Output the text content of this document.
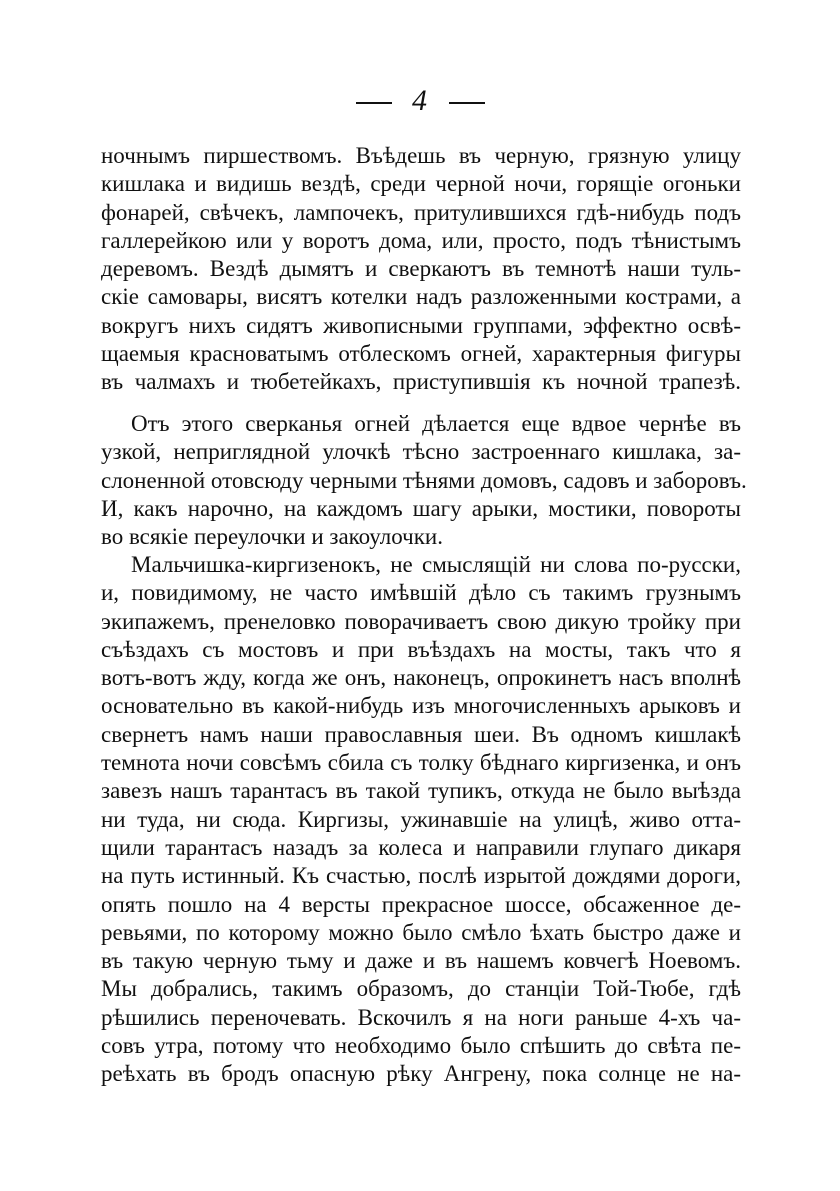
4
ночнымъ пиршествомъ. Въѣдешь въ черную, грязную улицу
кишлака и видишь вездѣ, среди черной ночи, горящіе огоньки
фонарей, свѣчекъ, лампочекъ, притулившихся гдѣ-нибудь подъ
галлерейкою или у воротъ дома, или, просто, подъ тѣнистымъ
деревомъ. Вездѣ дымятъ и сверкаютъ въ темнотѣ наши туль-
скіе самовары, висятъ котелки надъ разложенными кострами, а
вокругъ нихъ сидятъ живописными группами, эффектно освѣ-
щаемыя красноватымъ отблескомъ огней, характерныя фигуры
въ чалмахъ и тюбетейкахъ, приступившія къ ночной трапезѣ.
Отъ этого сверканья огней дѣлается еще вдвое чернѣе въ
узкой, неприглядной улочкѣ тѣсно застроеннаго кишлака, за-
слоненной отовсюду черными тѣнями домовъ, садовъ и заборовъ.
И, какъ нарочно, на каждомъ шагу арыки, мостики, повороты
во всякіе переулочки и закоулочки.
Мальчишка-киргизенокъ, не смыслящій ни слова по-русски,
и, повидимому, не часто имѣвшій дѣло съ такимъ грузнымъ
экипажемъ, пренеловко поворачиваетъ свою дикую тройку при
съѣздахъ съ мостовъ и при въѣздахъ на мосты, такъ что я
вотъ-вотъ жду, когда же онъ, наконецъ, опрокинетъ насъ вполнѣ
основательно въ какой-нибудь изъ многочисленныхъ арыковъ и
свернетъ намъ наши православныя шеи. Въ одномъ кишлакѣ
темнота ночи совсѣмъ сбила съ толку бѣднаго киргизенка, и онъ
завезъ нашъ тарантасъ въ такой тупикъ, откуда не было выѣзда
ни туда, ни сюда. Киргизы, ужинавшіе на улицѣ, живо отта-
щили тарантасъ назадъ за колеса и направили глупаго дикаря
на путь истинный. Къ счастью, послѣ изрытой дождями дороги,
опять пошло на 4 версты прекрасное шоссе, обсаженное де-
ревьями, по которому можно было смѣло ѣхать быстро даже и
въ такую черную тьму и даже и въ нашемъ ковчегѣ Ноевомъ.
Мы добрались, такимъ образомъ, до станціи Той-Тюбе, гдѣ
рѣшились переночевать. Вскочилъ я на ноги раньше 4-хъ ча-
совъ утра, потому что необходимо было спѣшить до свѣта пе-
реѣхать въ бродъ опасную рѣку Ангрену, пока солнце не на-
